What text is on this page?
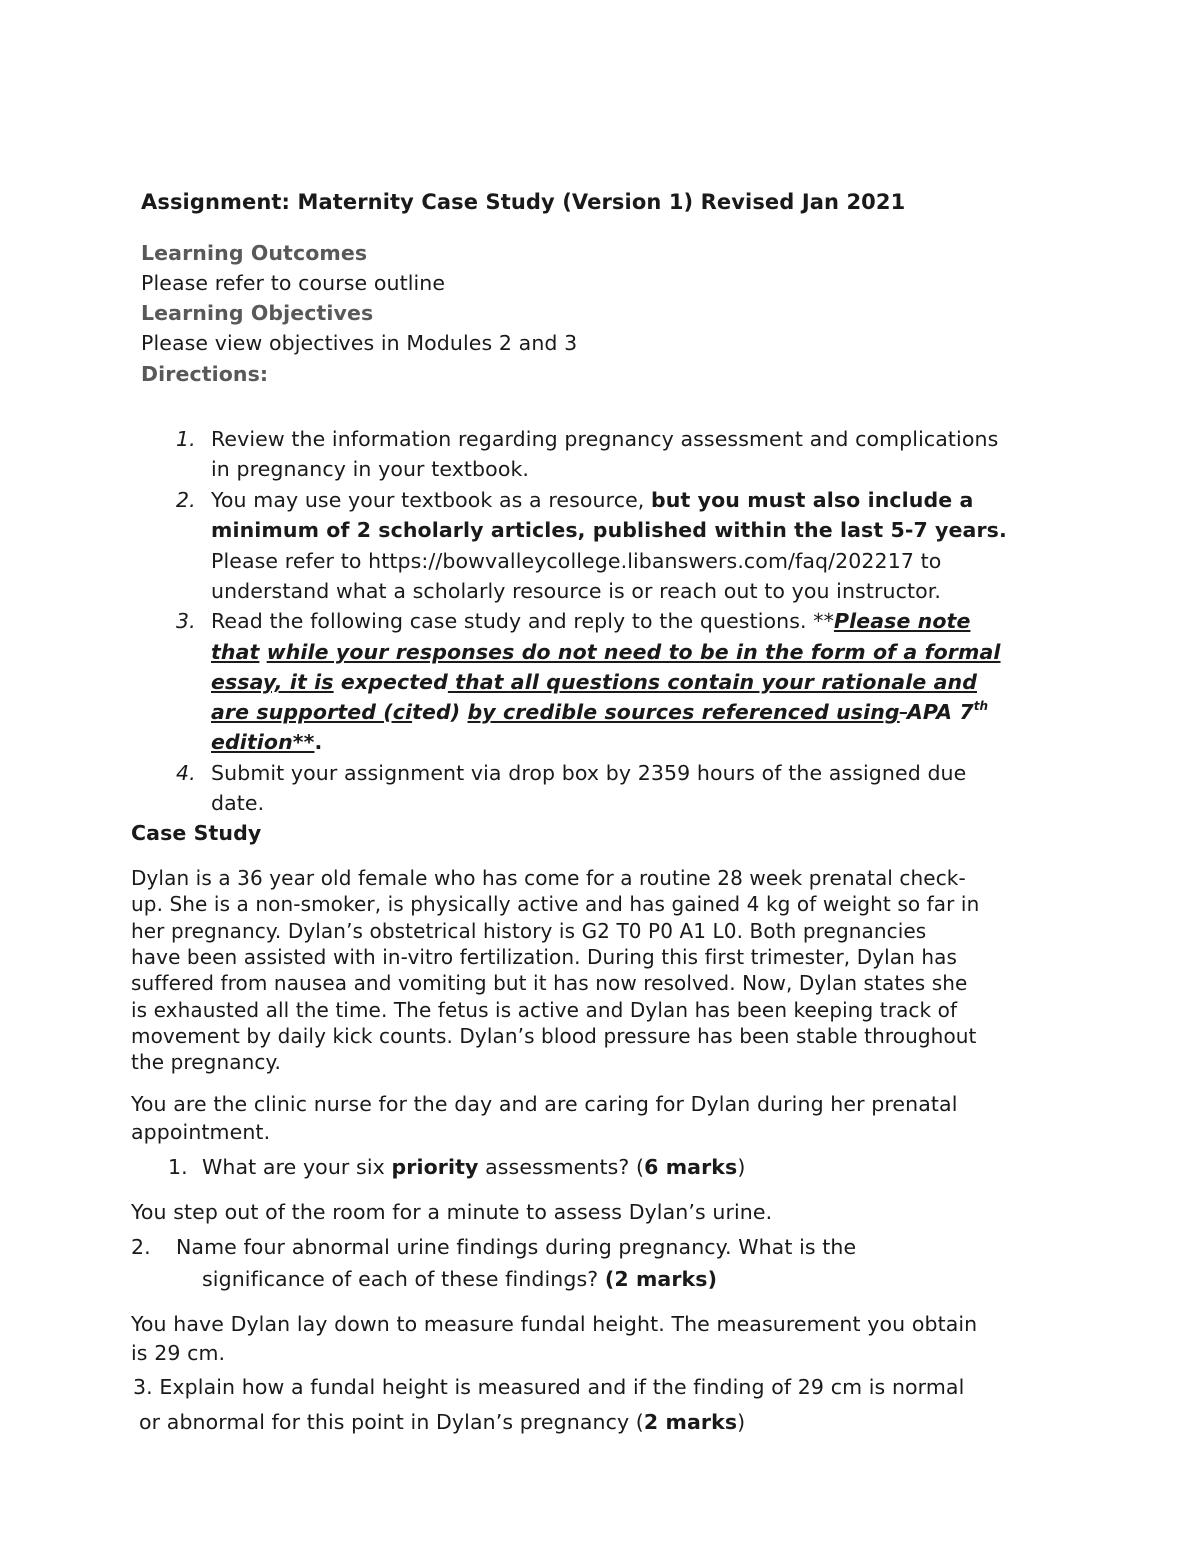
Assignment: Maternity Case Study (Version 1) Revised Jan 2021
Learning Outcomes
Please refer to course outline
Learning Objectives
Please view objectives in Modules 2 and 3
Directions:
1. Review the information regarding pregnancy assessment and complications
in pregnancy in your textbook.
2. You may use your textbook as a resource, but you must also include a
minimum of 2 scholarly articles, published within the last 5-7 years.
Please refer to https://bowvalleycollege.libanswers.com/faq/202217 to
understand what a scholarly resource is or reach out to you instructor.
3. Read the following case study and reply to the questions. **Please note
that while your responses do not need to be in the form of a formal
essay, it is expected that all questions contain your rationale and
are supported (cited) by credible sources referenced using APA 7th
edition**.
4. Submit your assignment via drop box by 2359 hours of the assigned due
date.
Case Study
Dylan is a 36 year old female who has come for a routine 28 week prenatal check-
up. She is a non-smoker, is physically active and has gained 4 kg of weight so far in
her pregnancy. Dylan’s obstetrical history is G2 T0 P0 A1 L0. Both pregnancies
have been assisted with in-vitro fertilization. During this first trimester, Dylan has
suffered from nausea and vomiting but it has now resolved. Now, Dylan states she
is exhausted all the time. The fetus is active and Dylan has been keeping track of
movement by daily kick counts. Dylan’s blood pressure has been stable throughout
the pregnancy.
You are the clinic nurse for the day and are caring for Dylan during her prenatal
appointment.
1. What are your six priority assessments? (6 marks)
You step out of the room for a minute to assess Dylan’s urine.
2. Name four abnormal urine findings during pregnancy. What is the
significance of each of these findings? (2 marks)
You have Dylan lay down to measure fundal height. The measurement you obtain
is 29 cm.
3. Explain how a fundal height is measured and if the finding of 29 cm is normal
or abnormal for this point in Dylan’s pregnancy (2 marks)
